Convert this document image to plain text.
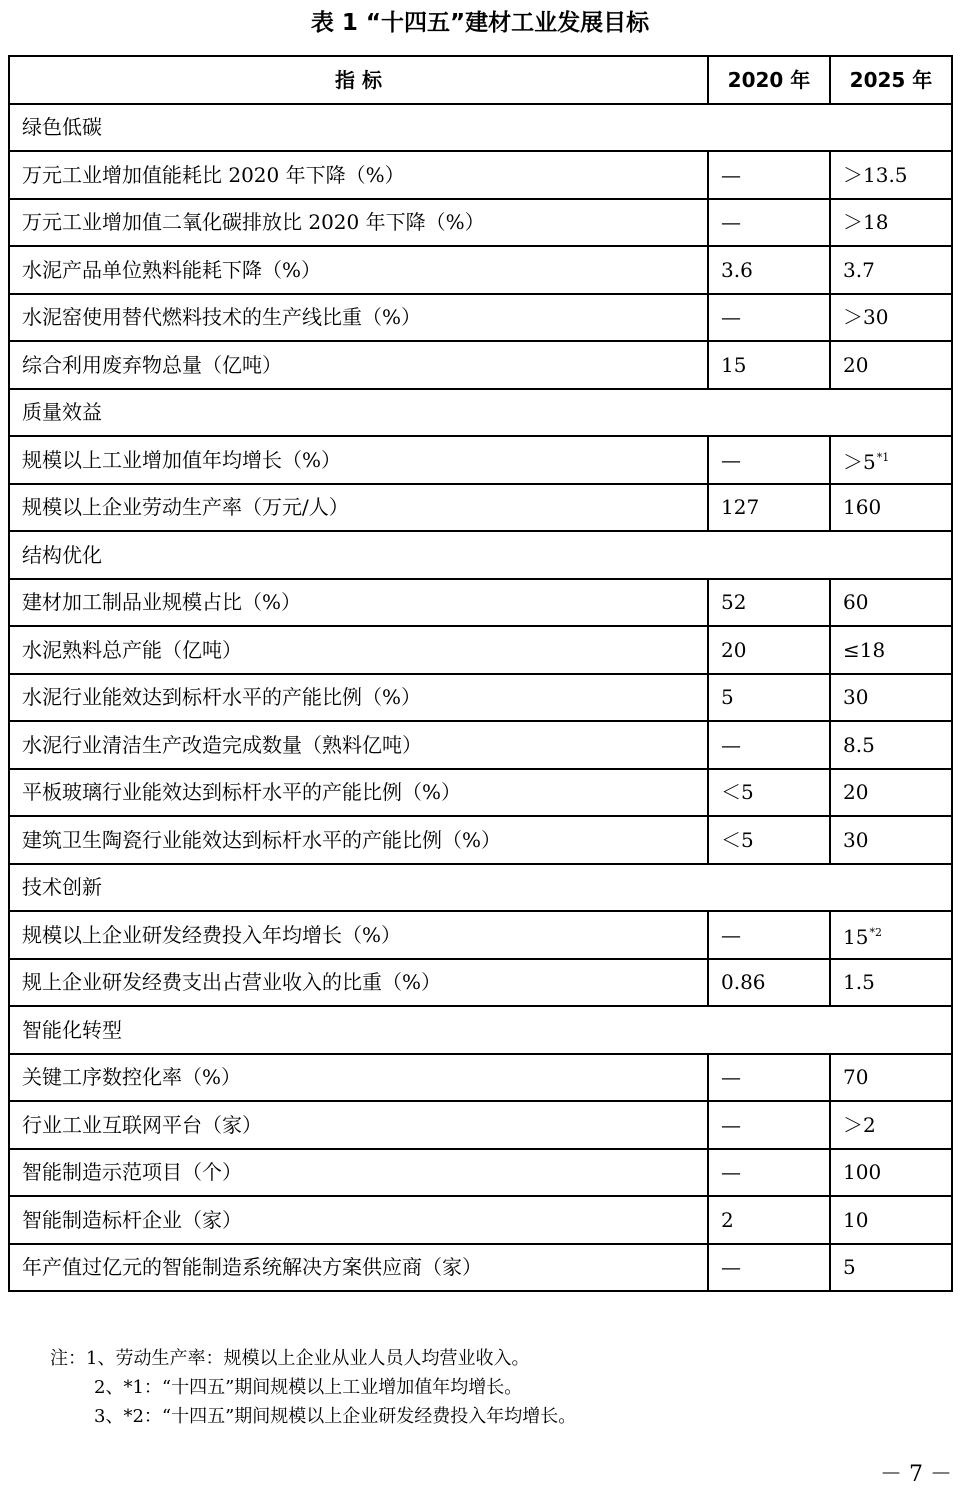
表 1 “十四五”建材工业发展目标
指 标	2020 年	2025 年
绿色低碳		
万元工业增加值能耗比 2020 年下降（%）	—	＞13.5
万元工业增加值二氧化碳排放比 2020 年下降（%）	—	＞18
水泥产品单位熟料能耗下降（%）	3.6	3.7
水泥窑使用替代燃料技术的生产线比重（%）	—	＞30
综合利用废弃物总量（亿吨）	15	20
质量效益		
规模以上工业增加值年均增长（%）	—	＞5$^{*1}$
规模以上企业劳动生产率（万元/人）	127	160
结构优化		
建材加工制品业规模占比（%）	52	60
水泥熟料总产能（亿吨）	20	≤18
水泥行业能效达到标杆水平的产能比例（%）	5	30
水泥行业清洁生产改造完成数量（熟料亿吨）	—	8.5
平板玻璃行业能效达到标杆水平的产能比例（%）	＜5	20
建筑卫生陶瓷行业能效达到标杆水平的产能比例（%）	＜5	30
技术创新		
规模以上企业研发经费投入年均增长（%）	—	15$^{*2}$
规上企业研发经费支出占营业收入的比重（%）	0.86	1.5
智能化转型		
关键工序数控化率（%）	—	70
行业工业互联网平台（家）	—	＞2
智能制造示范项目（个）	—	100
智能制造标杆企业（家）	2	10
年产值过亿元的智能制造系统解决方案供应商（家）	—	5
注：1、劳动生产率：规模以上企业从业人员人均营业收入。
2、*1：“十四五”期间规模以上工业增加值年均增长。
3、*2：“十四五”期间规模以上企业研发经费投入年均增长。
－ 7 －
